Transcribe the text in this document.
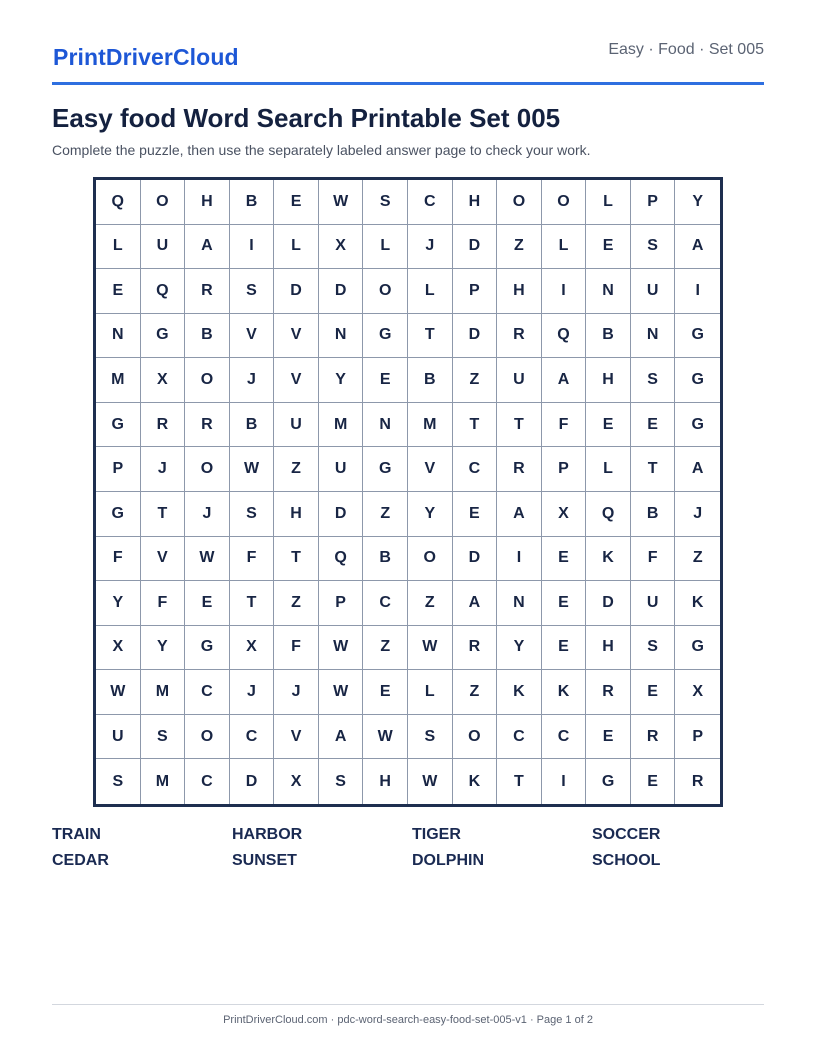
PrintDriverCloud	Easy · Food · Set 005
Easy food Word Search Printable Set 005
Complete the puzzle, then use the separately labeled answer page to check your work.
Q	O	H	B	E	W	S	C	H	O	O	L	P	Y
L	U	A	I	L	X	L	J	D	Z	L	E	S	A
E	Q	R	S	D	D	O	L	P	H	I	N	U	I
N	G	B	V	V	N	G	T	D	R	Q	B	N	G
M	X	O	J	V	Y	E	B	Z	U	A	H	S	G
G	R	R	B	U	M	N	M	T	T	F	E	E	G
P	J	O	W	Z	U	G	V	C	R	P	L	T	A
G	T	J	S	H	D	Z	Y	E	A	X	Q	B	J
F	V	W	F	T	Q	B	O	D	I	E	K	F	Z
Y	F	E	T	Z	P	C	Z	A	N	E	D	U	K
X	Y	G	X	F	W	Z	W	R	Y	E	H	S	G
W	M	C	J	J	W	E	L	Z	K	K	R	E	X
U	S	O	C	V	A	W	S	O	C	C	E	R	P
S	M	C	D	X	S	H	W	K	T	I	G	E	R
TRAIN	HARBOR	TIGER	SOCCER
CEDAR	SUNSET	DOLPHIN	SCHOOL
PrintDriverCloud.com · pdc-word-search-easy-food-set-005-v1 · Page 1 of 2
